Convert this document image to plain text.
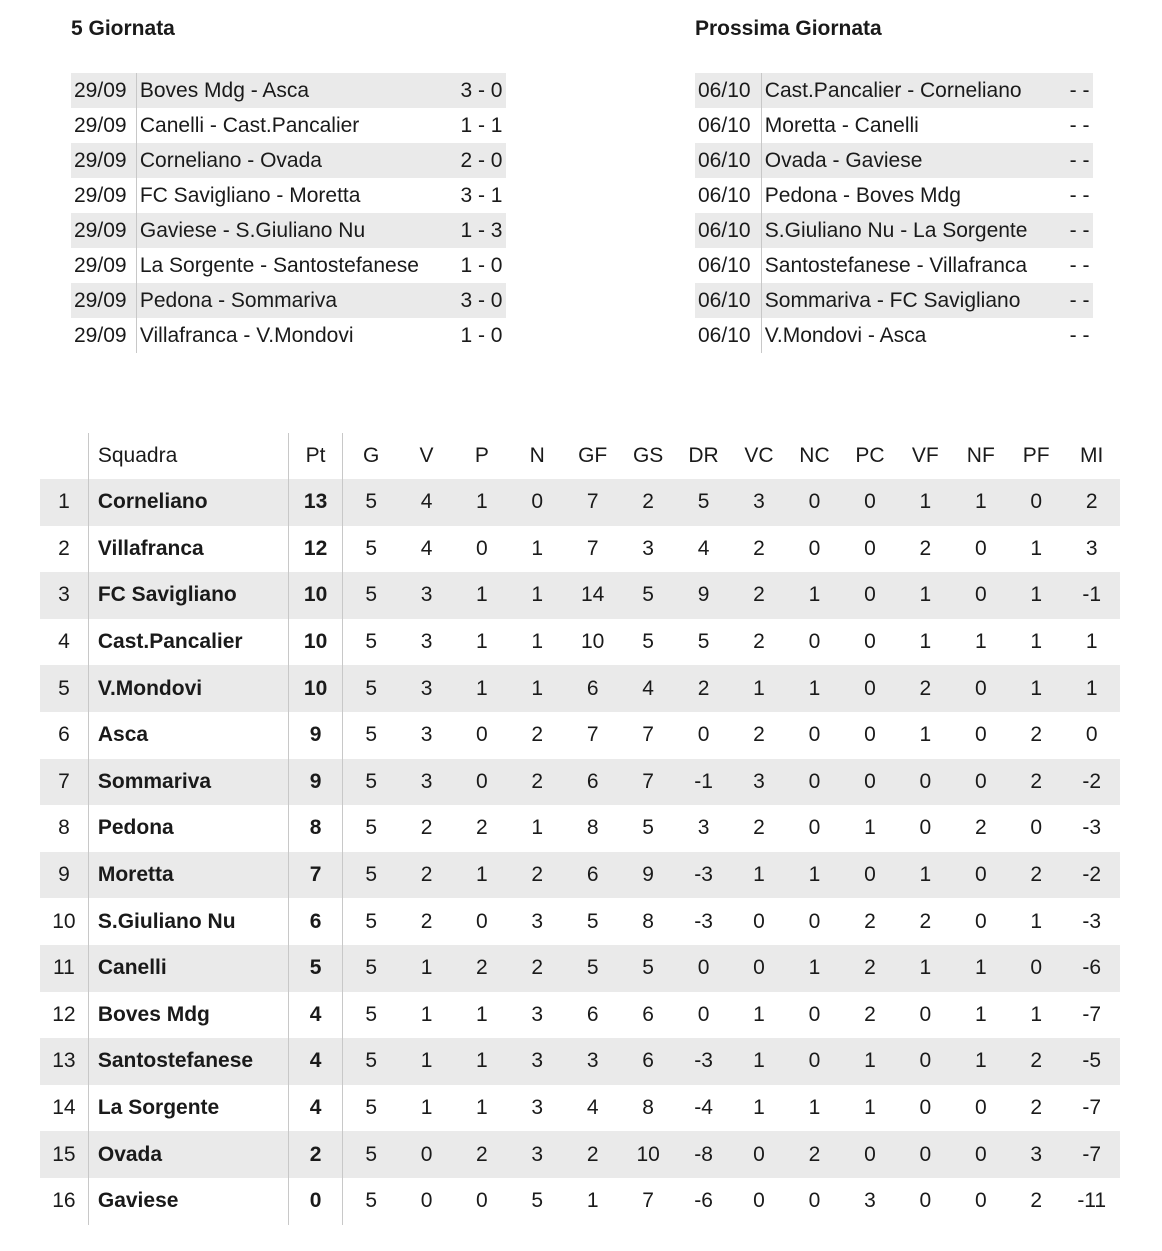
5 Giornata
29/09	Boves Mdg - Asca	3 - 0
29/09	Canelli - Cast.Pancalier	1 - 1
29/09	Corneliano - Ovada	2 - 0
29/09	FC Savigliano - Moretta	3 - 1
29/09	Gaviese - S.Giuliano Nu	1 - 3
29/09	La Sorgente - Santostefanese	1 - 0
29/09	Pedona - Sommariva	3 - 0
29/09	Villafranca - V.Mondovi	1 - 0
Prossima Giornata
06/10	Cast.Pancalier - Corneliano	- -
06/10	Moretta - Canelli	- -
06/10	Ovada - Gaviese	- -
06/10	Pedona - Boves Mdg	- -
06/10	S.Giuliano Nu - La Sorgente	- -
06/10	Santostefanese - Villafranca	- -
06/10	Sommariva - FC Savigliano	- -
06/10	V.Mondovi - Asca	- -
	Squadra	Pt	G	V	P	N	GF	GS	DR	VC	NC	PC	VF	NF	PF	MI
1	Corneliano	13	5	4	1	0	7	2	5	3	0	0	1	1	0	2
2	Villafranca	12	5	4	0	1	7	3	4	2	0	0	2	0	1	3
3	FC Savigliano	10	5	3	1	1	14	5	9	2	1	0	1	0	1	-1
4	Cast.Pancalier	10	5	3	1	1	10	5	5	2	0	0	1	1	1	1
5	V.Mondovi	10	5	3	1	1	6	4	2	1	1	0	2	0	1	1
6	Asca	9	5	3	0	2	7	7	0	2	0	0	1	0	2	0
7	Sommariva	9	5	3	0	2	6	7	-1	3	0	0	0	0	2	-2
8	Pedona	8	5	2	2	1	8	5	3	2	0	1	0	2	0	-3
9	Moretta	7	5	2	1	2	6	9	-3	1	1	0	1	0	2	-2
10	S.Giuliano Nu	6	5	2	0	3	5	8	-3	0	0	2	2	0	1	-3
11	Canelli	5	5	1	2	2	5	5	0	0	1	2	1	1	0	-6
12	Boves Mdg	4	5	1	1	3	6	6	0	1	0	2	0	1	1	-7
13	Santostefanese	4	5	1	1	3	3	6	-3	1	0	1	0	1	2	-5
14	La Sorgente	4	5	1	1	3	4	8	-4	1	1	1	0	0	2	-7
15	Ovada	2	5	0	2	3	2	10	-8	0	2	0	0	0	3	-7
16	Gaviese	0	5	0	0	5	1	7	-6	0	0	3	0	0	2	-11
